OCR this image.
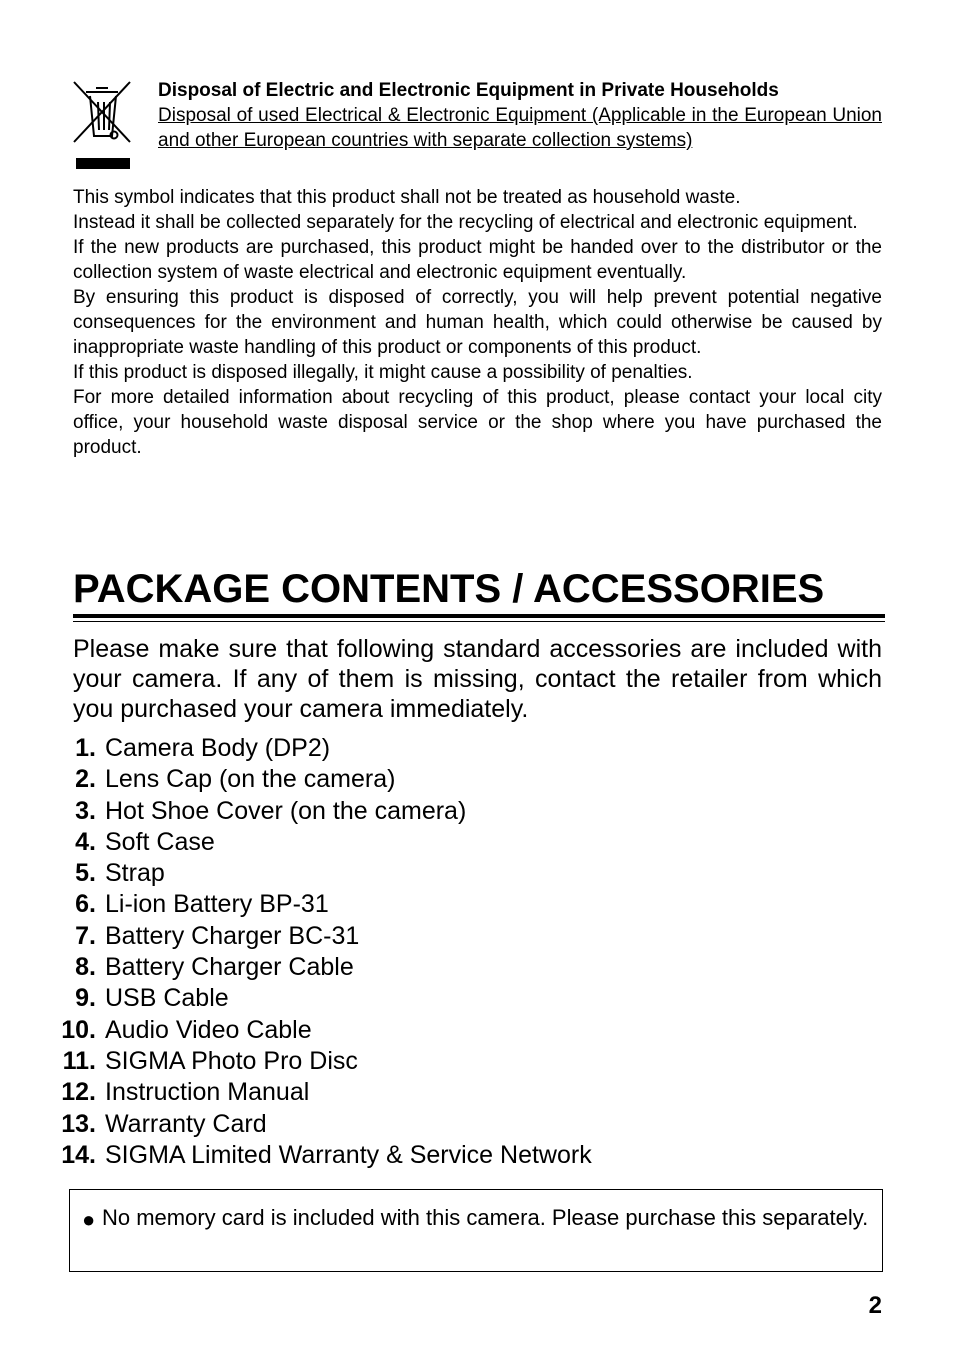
Disposal of Electric and Electronic Equipment in Private Households
Disposal of used Electrical & Electronic Equipment (Applicable in the European Union and other European countries with separate collection systems)

This symbol indicates that this product shall not be treated as household waste.

Instead it shall be collected separately for the recycling of electrical and electronic equipment.

If the new products are purchased, this product might be handed over to the distributor or the collection system of waste electrical and electronic equipment eventually.

By ensuring this product is disposed of correctly, you will help prevent potential negative consequences for the environment and human health, which could otherwise be caused by inappropriate waste handling of this product or components of this product.

If this product is disposed illegally, it might cause a possibility of penalties.

For more detailed information about recycling of this product, please contact your local city office, your household waste disposal service or the shop where you have purchased the product.

PACKAGE CONTENTS / ACCESSORIES
Please make sure that following standard accessories are included with your camera. If any of them is missing, contact the retailer from which you purchased your camera immediately.
1. Camera Body (DP2)
2. Lens Cap (on the camera)
3. Hot Shoe Cover (on the camera)
4. Soft Case
5. Strap
6. Li-ion Battery BP-31
7. Battery Charger BC-31
8. Battery Charger Cable
9. USB Cable
10. Audio Video Cable
11. SIGMA Photo Pro Disc
12. Instruction Manual
13. Warranty Card
14. SIGMA Limited Warranty & Service Network
● No memory card is included with this camera. Please purchase this separately.
2
